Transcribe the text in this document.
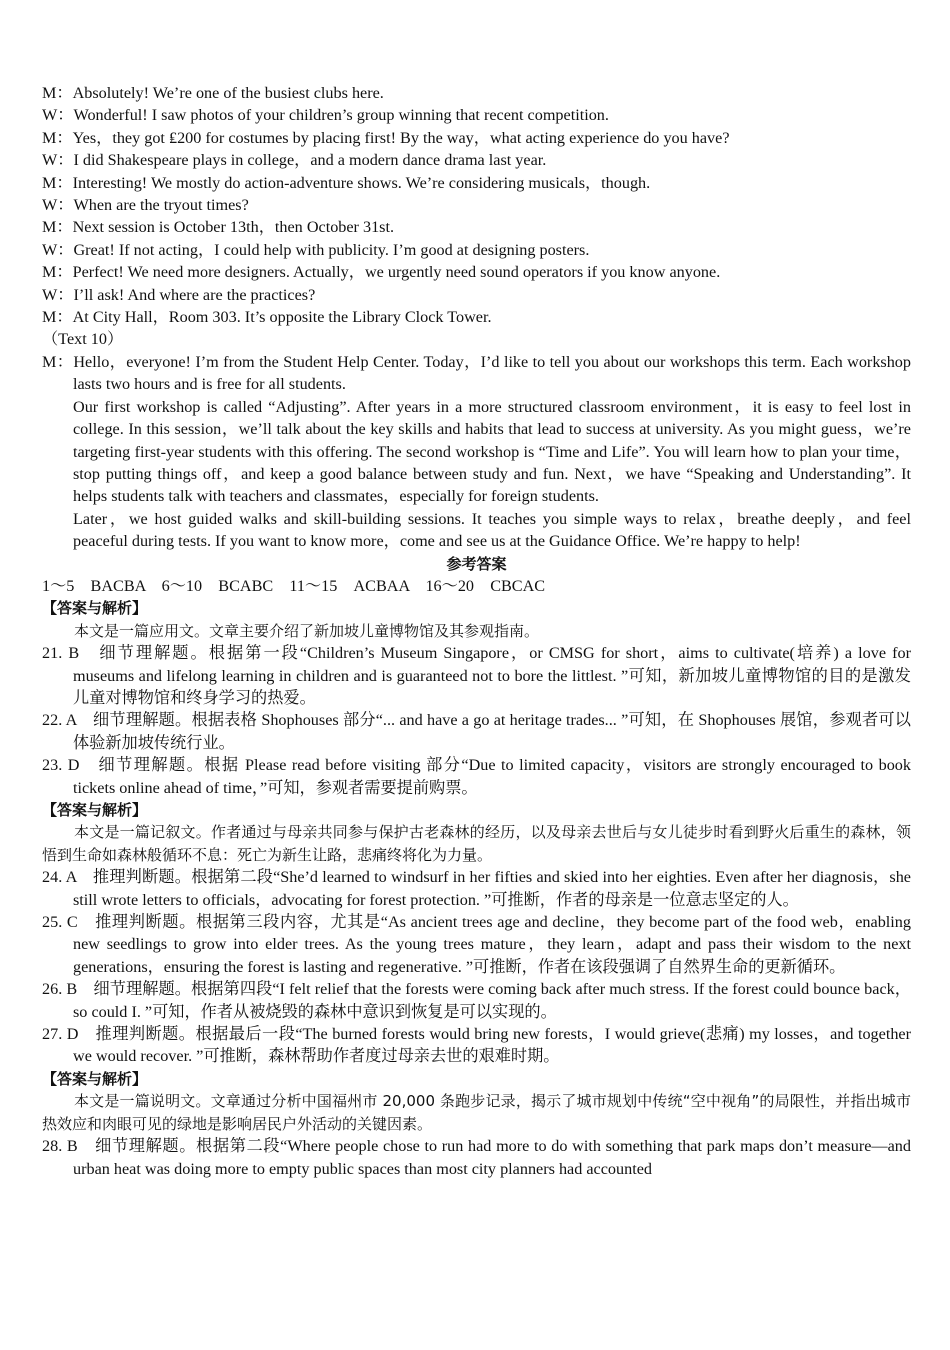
M：Absolutely! We’re one of the busiest clubs here.
W：Wonderful! I saw photos of your children’s group winning that recent competition.
M：Yes，they got ₤200 for costumes by placing first! By the way，what acting experience do you have?
W：I did Shakespeare plays in college，and a modern dance drama last year.
M：Interesting! We mostly do action-adventure shows. We’re considering musicals，though.
W：When are the tryout times?
M：Next session is October 13th，then October 31st.
W：Great! If not acting，I could help with publicity. I’m good at designing posters.
M：Perfect! We need more designers. Actually，we urgently need sound operators if you know anyone.
W：I’ll ask! And where are the practices?
M：At City Hall，Room 303. It’s opposite the Library Clock Tower.
（Text 10）
M：Hello，everyone! I’m from the Student Help Center. Today，I’d like to tell you about our workshops this term. Each workshop lasts two hours and is free for all students.
Our first workshop is called “Adjusting”. After years in a more structured classroom environment，it is easy to feel lost in college. In this session，we’ll talk about the key skills and habits that lead to success at university. As you might guess，we’re targeting first-year students with this offering. The second workshop is “Time and Life”. You will learn how to plan your time，stop putting things off，and keep a good balance between study and fun. Next，we have “Speaking and Understanding”. It helps students talk with teachers and classmates，especially for foreign students.
Later，we host guided walks and skill-building sessions. It teaches you simple ways to relax，breathe deeply，and feel peaceful during tests. If you want to know more，come and see us at the Guidance Office. We’re happy to help!
参考答案
1～5　BACBA　6～10　BCABC　11～15　ACBAA　16～20　CBCAC
【答案与解析】
本文是一篇应用文。文章主要介绍了新加坡儿童博物馆及其参观指南。
21. B　细节理解题。根据第一段“Children’s Museum Singapore，or CMSG for short，aims to cultivate(培养) a love for museums and lifelong learning in children and is guaranteed not to bore the littlest. ”可知，新加坡儿童博物馆的目的是激发儿童对博物馆和终身学习的热爱。
22. A　细节理解题。根据表格 Shophouses 部分“... and have a go at heritage trades... ”可知，在 Shophouses 展馆，参观者可以体验新加坡传统行业。
23. D　细节理解题。根据 Please read before visiting 部分“Due to limited capacity，visitors are strongly encouraged to book tickets online ahead of time，”可知，参观者需要提前购票。
【答案与解析】
本文是一篇记叙文。作者通过与母亲共同参与保护古老森林的经历，以及母亲去世后与女儿徒步时看到野火后重生的森林，领悟到生命如森林般循环不息：死亡为新生让路，悲痛终将化为力量。
24. A　推理判断题。根据第二段“She’d learned to windsurf in her fifties and skied into her eighties. Even after her diagnosis，she still wrote letters to officials，advocating for forest protection. ”可推断，作者的母亲是一位意志坚定的人。
25. C　推理判断题。根据第三段内容，尤其是“As ancient trees age and decline，they become part of the food web，enabling new seedlings to grow into elder trees. As the young trees mature，they learn，adapt and pass their wisdom to the next generations，ensuring the forest is lasting and regenerative. ”可推断，作者在该段强调了自然界生命的更新循环。
26. B　细节理解题。根据第四段“I felt relief that the forests were coming back after much stress. If the forest could bounce back，so could I. ”可知，作者从被烧毁的森林中意识到恢复是可以实现的。
27. D　推理判断题。根据最后一段“The burned forests would bring new forests，I would grieve(悲痛) my losses，and together we would recover. ”可推断，森林帮助作者度过母亲去世的艰难时期。
【答案与解析】
本文是一篇说明文。文章通过分析中国福州市 20,000 条跑步记录，揭示了城市规划中传统“空中视角”的局限性，并指出城市热效应和肉眼可见的绿地是影响居民户外活动的关键因素。
28. B　细节理解题。根据第二段“Where people chose to run had more to do with something that park maps don’t measure—and urban heat was doing more to empty public spaces than most city planners had accounted
